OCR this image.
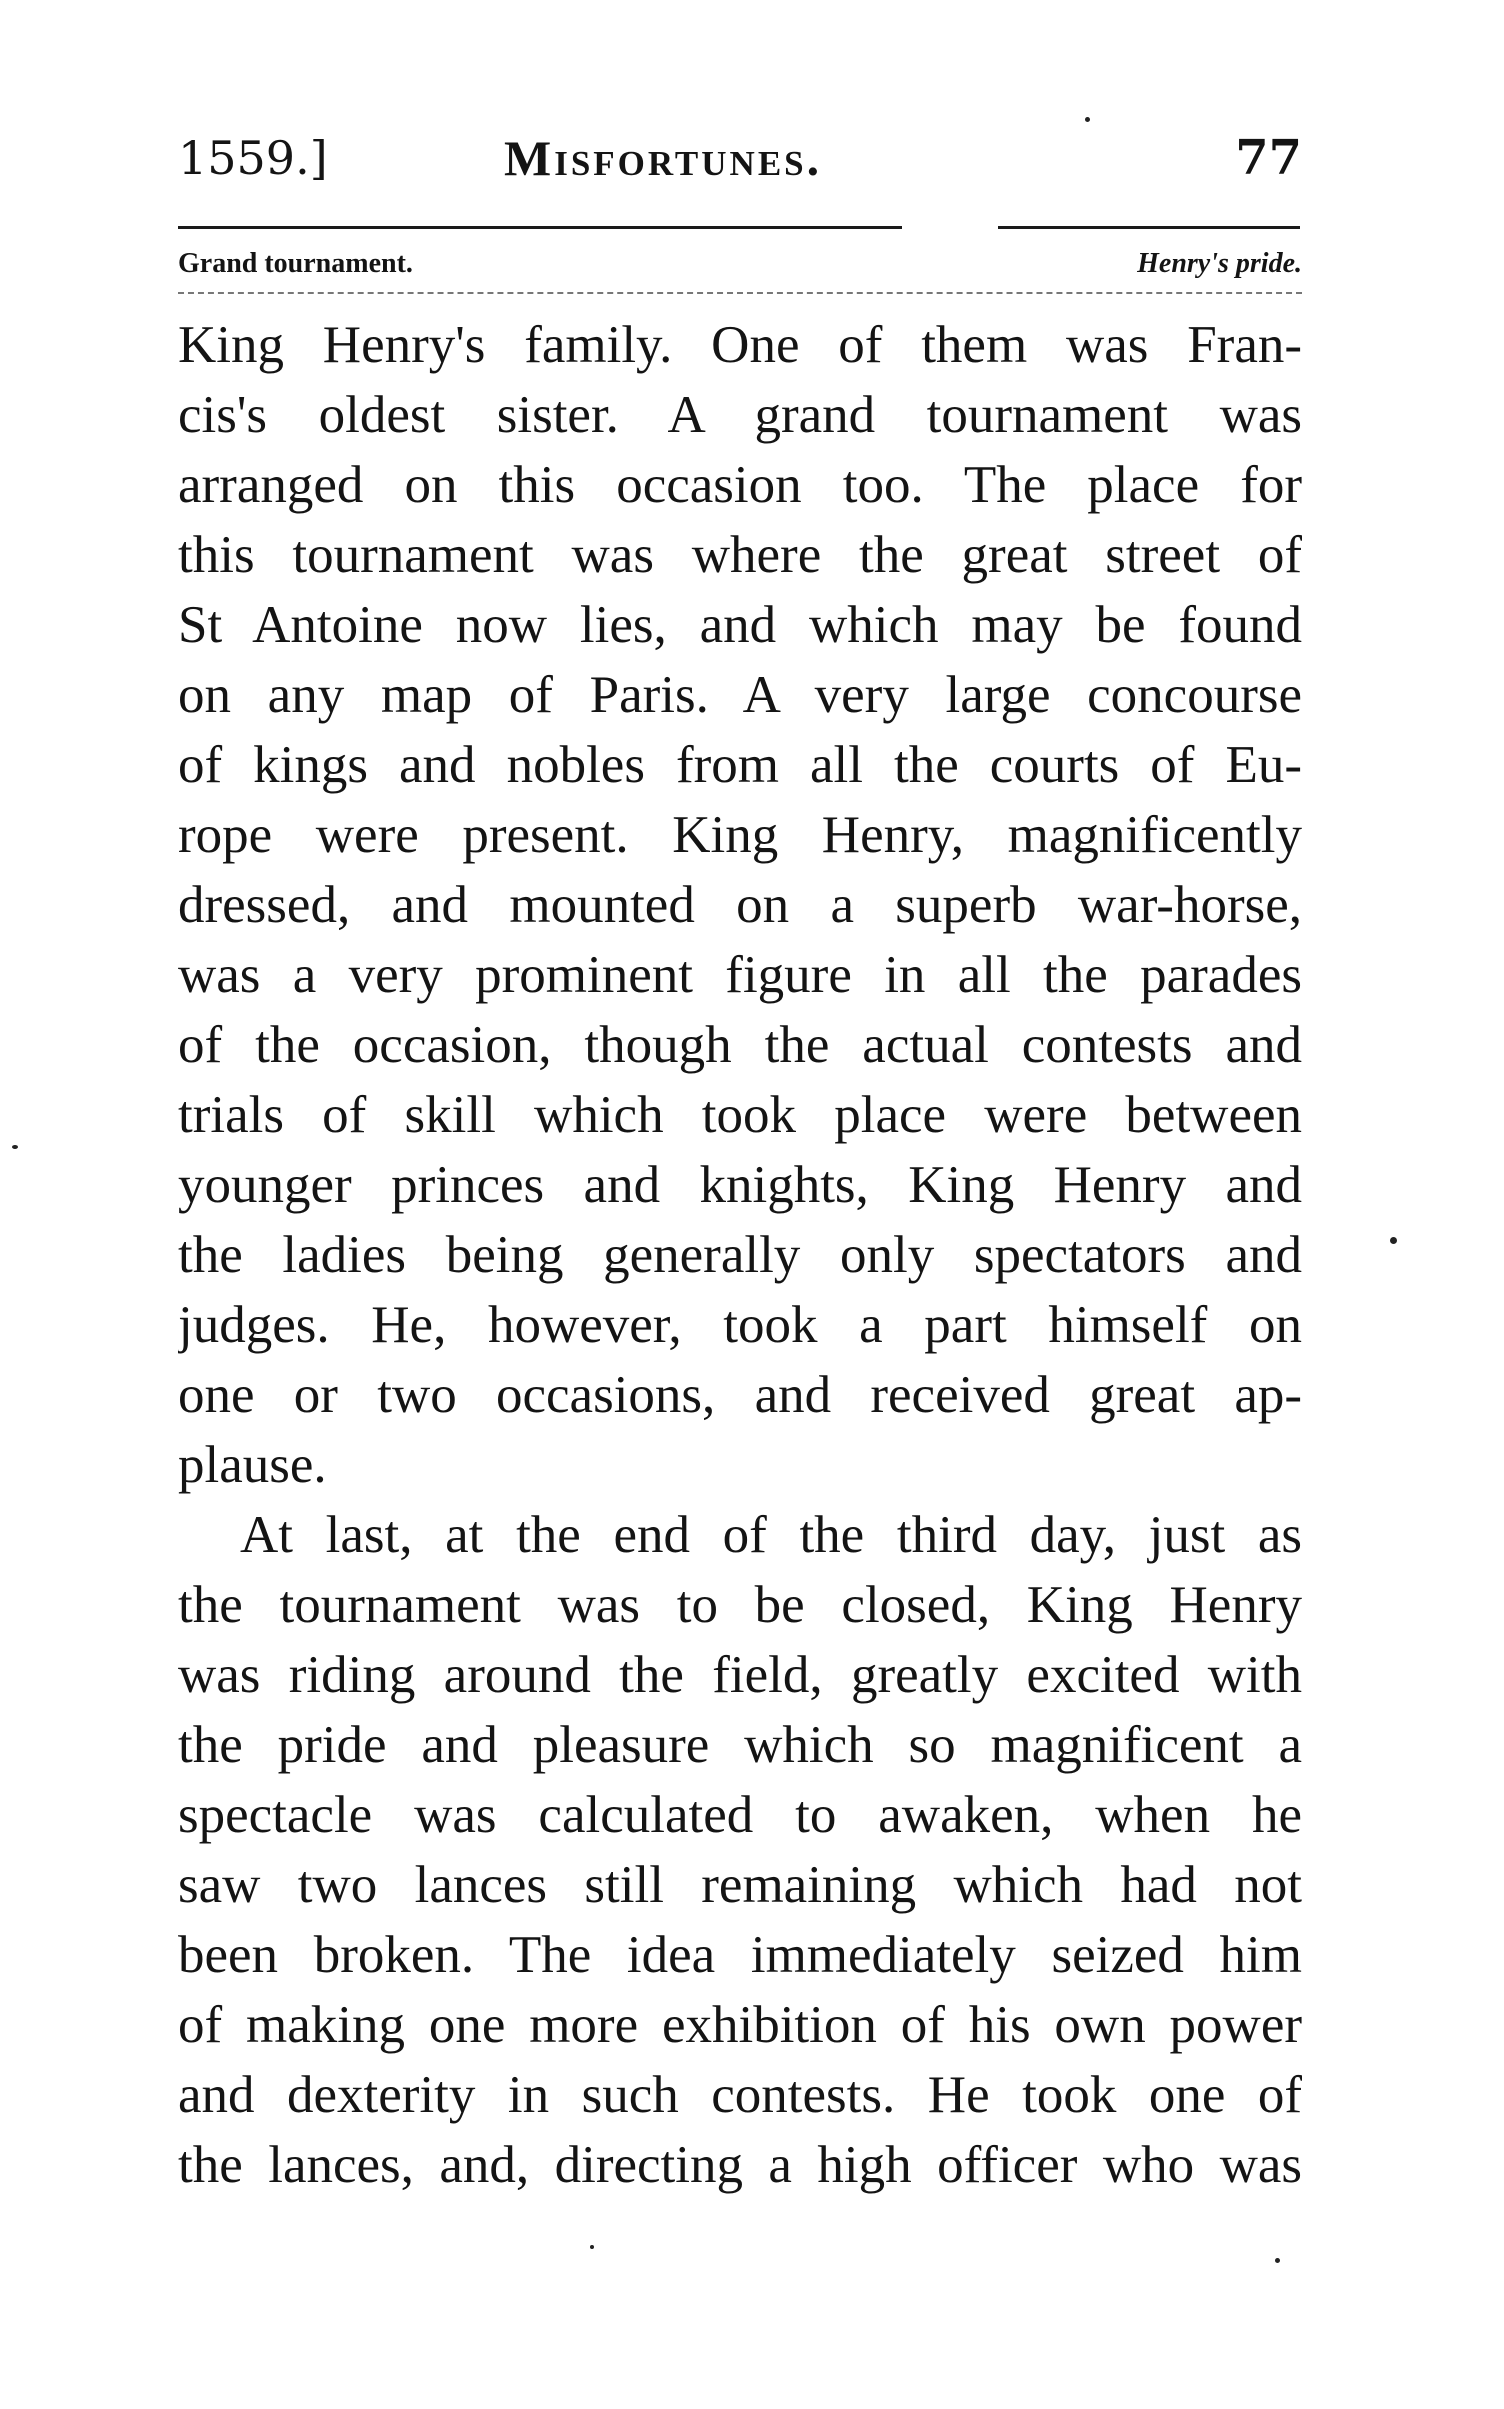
1559.]	Misfortunes.	77
Grand tournament.	Henry's pride.
King Henry's family. One of them was Fran-
cis's oldest sister. A grand tournament was
arranged on this occasion too. The place for
this tournament was where the great street of
St Antoine now lies, and which may be found
on any map of Paris. A very large concourse
of kings and nobles from all the courts of Eu-
rope were present. King Henry, magnificently
dressed, and mounted on a superb war-horse,
was a very prominent figure in all the parades
of the occasion, though the actual contests and
trials of skill which took place were between
younger princes and knights, King Henry and
the ladies being generally only spectators and
judges. He, however, took a part himself on
one or two occasions, and received great ap-
plause.
At last, at the end of the third day, just as
the tournament was to be closed, King Henry
was riding around the field, greatly excited with
the pride and pleasure which so magnificent a
spectacle was calculated to awaken, when he
saw two lances still remaining which had not
been broken. The idea immediately seized him
of making one more exhibition of his own power
and dexterity in such contests. He took one of
the lances, and, directing a high officer who was
